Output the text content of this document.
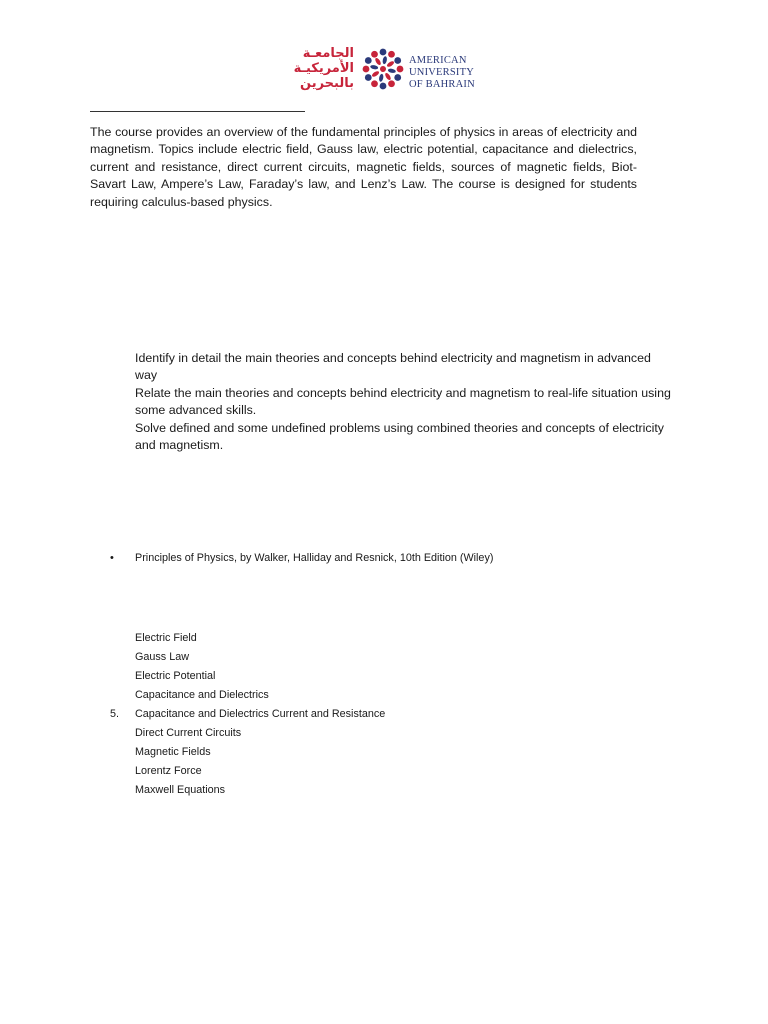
الجامعـة
الأمريكيـة
بالبحرين
AMERICAN
UNIVERSITY
OF BAHRAIN

The course provides an overview of the fundamental principles of physics in areas of electricity and magnetism. Topics include electric field, Gauss law, electric potential, capacitance and dielectrics, current and resistance, direct current circuits, magnetic fields, sources of magnetic fields, Biot-Savart Law, Ampere’s Law, Faraday’s law, and Lenz’s Law. The course is designed for students requiring calculus-based physics.

Identify in detail the main theories and concepts behind electricity and magnetism in advanced way
Relate the main theories and concepts behind electricity and magnetism to real-life situation using some advanced skills.
Solve defined and some undefined problems using combined theories and concepts of electricity and magnetism.
•	Principles of Physics, by Walker, Halliday and Resnick, 10th Edition (Wiley)
Electric Field
Gauss Law
Electric Potential
Capacitance and Dielectrics
5.	Capacitance and Dielectrics Current and Resistance
Direct Current Circuits
Magnetic Fields
Lorentz Force
Maxwell Equations
